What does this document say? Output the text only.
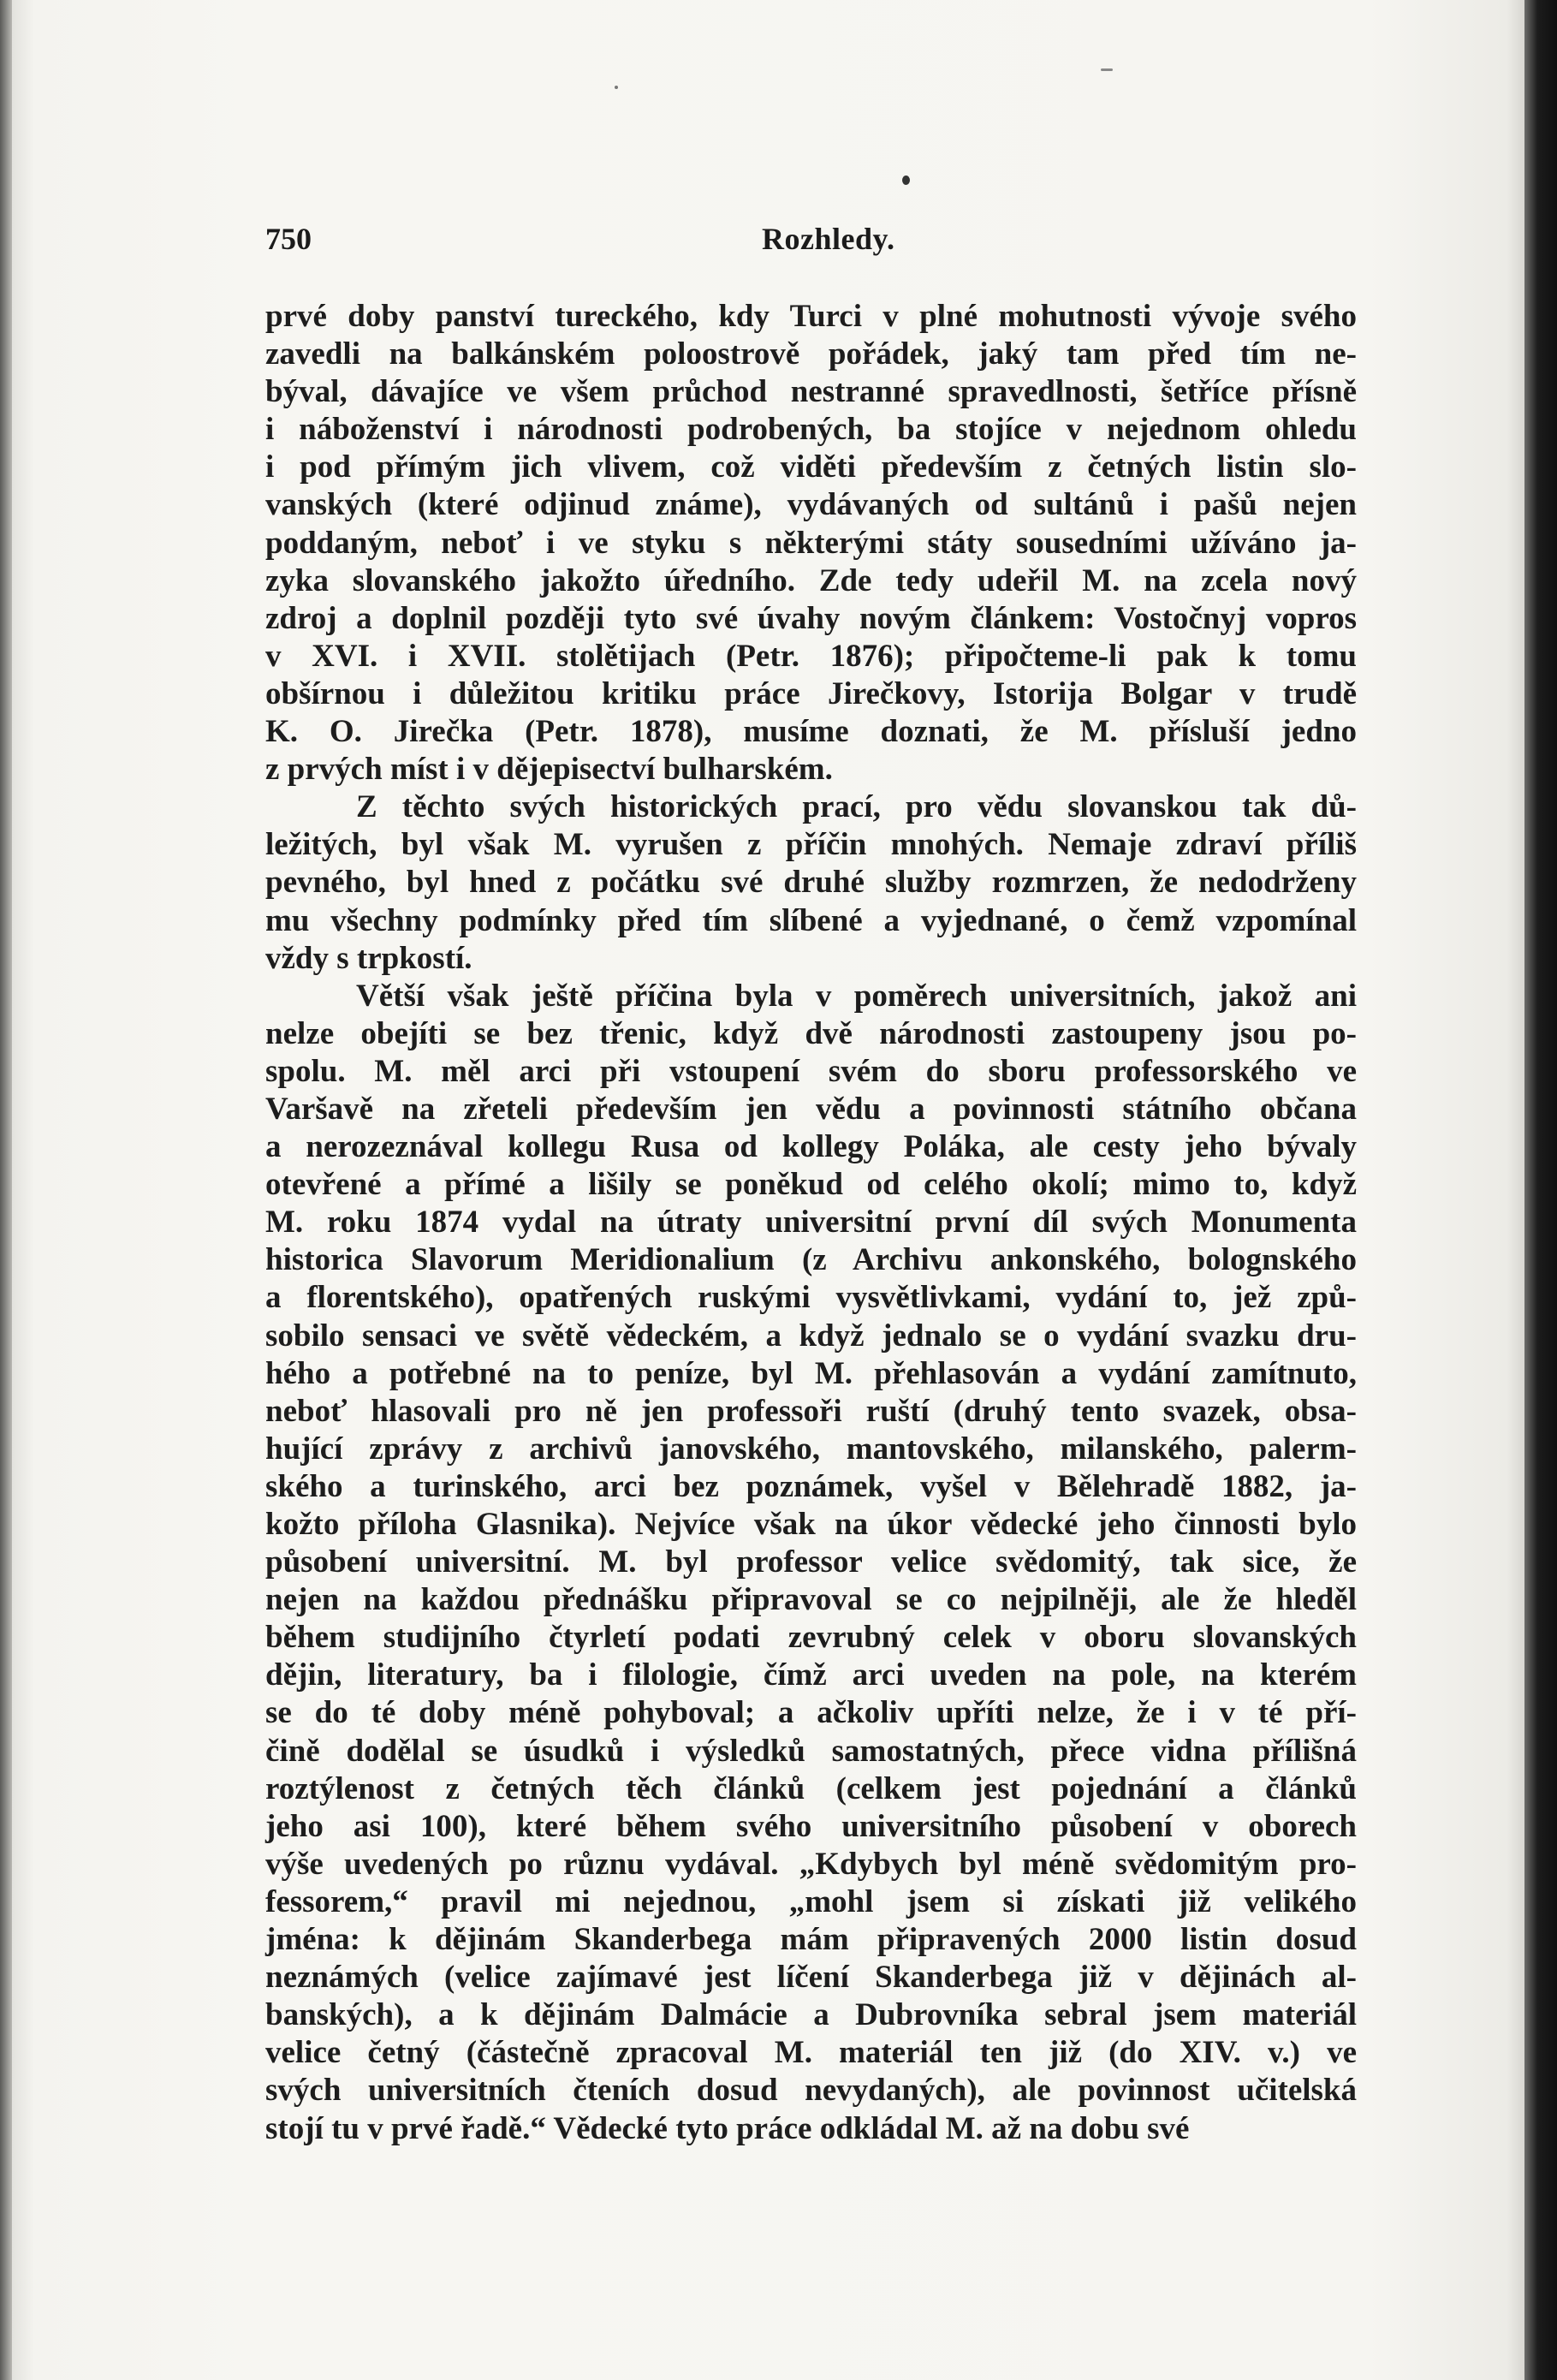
750	Rozhledy.
prvé doby panství tureckého, kdy Turci v plné mohutnosti vývoje svého
zavedli na balkánském poloostrově pořádek, jaký tam před tím ne-
býval, dávajíce ve všem průchod nestranné spravedlnosti, šetříce přísně
i náboženství i národnosti podrobených, ba stojíce v nejednom ohledu
i pod přímým jich vlivem, což viděti především z četných listin slo-
vanských (které odjinud známe), vydávaných od sultánů i pašů nejen
poddaným, neboť i ve styku s některými státy sousedními užíváno ja-
zyka slovanského jakožto úředního. Zde tedy udeřil M. na zcela nový
zdroj a doplnil později tyto své úvahy novým článkem: Vostočnyj vopros
v XVI. i XVII. stolětijach (Petr. 1876); připočteme-li pak k tomu
obšírnou i důležitou kritiku práce Jirečkovy, Istorija Bolgar v trudě
K. O. Jirečka (Petr. 1878), musíme doznati, že M. přísluší jedno
z prvých míst i v dějepisectví bulharském.
Z těchto svých historických prací, pro vědu slovanskou tak dů-
ležitých, byl však M. vyrušen z příčin mnohých. Nemaje zdraví příliš
pevného, byl hned z počátku své druhé služby rozmrzen, že nedodrženy
mu všechny podmínky před tím slíbené a vyjednané, o čemž vzpomínal
vždy s trpkostí.
Větší však ještě příčina byla v poměrech universitních, jakož ani
nelze obejíti se bez třenic, když dvě národnosti zastoupeny jsou po-
spolu. M. měl arci při vstoupení svém do sboru professorského ve
Varšavě na zřeteli především jen vědu a povinnosti státního občana
a nerozeznával kollegu Rusa od kollegy Poláka, ale cesty jeho bývaly
otevřené a přímé a lišily se poněkud od celého okolí; mimo to, když
M. roku 1874 vydal na útraty universitní první díl svých Monumenta
historica Slavorum Meridionalium (z Archivu ankonského, bolognského
a florentského), opatřených ruskými vysvětlivkami, vydání to, jež způ-
sobilo sensaci ve světě vědeckém, a když jednalo se o vydání svazku dru-
hého a potřebné na to peníze, byl M. přehlasován a vydání zamítnuto,
neboť hlasovali pro ně jen professoři ruští (druhý tento svazek, obsa-
hující zprávy z archivů janovského, mantovského, milanského, palerm-
ského a turinského, arci bez poznámek, vyšel v Bělehradě 1882, ja-
kožto příloha Glasnika). Nejvíce však na úkor vědecké jeho činnosti bylo
působení universitní. M. byl professor velice svědomitý, tak sice, že
nejen na každou přednášku připravoval se co nejpilněji, ale že hleděl
během studijního čtyrletí podati zevrubný celek v oboru slovanských
dějin, literatury, ba i filologie, čímž arci uveden na pole, na kterém
se do té doby méně pohyboval; a ačkoliv upříti nelze, že i v té pří-
čině dodělal se úsudků i výsledků samostatných, přece vidna přílišná
roztýlenost z četných těch článků (celkem jest pojednání a článků
jeho asi 100), které během svého universitního působení v oborech
výše uvedených po různu vydával. „Kdybych byl méně svědomitým pro-
fessorem,“ pravil mi nejednou, „mohl jsem si získati již velikého
jména: k dějinám Skanderbega mám připravených 2000 listin dosud
neznámých (velice zajímavé jest líčení Skanderbega již v dějinách al-
banských), a k dějinám Dalmácie a Dubrovníka sebral jsem materiál
velice četný (částečně zpracoval M. materiál ten již (do XIV. v.) ve
svých universitních čteních dosud nevydaných), ale povinnost učitelská
stojí tu v prvé řadě.“ Vědecké tyto práce odkládal M. až na dobu své
